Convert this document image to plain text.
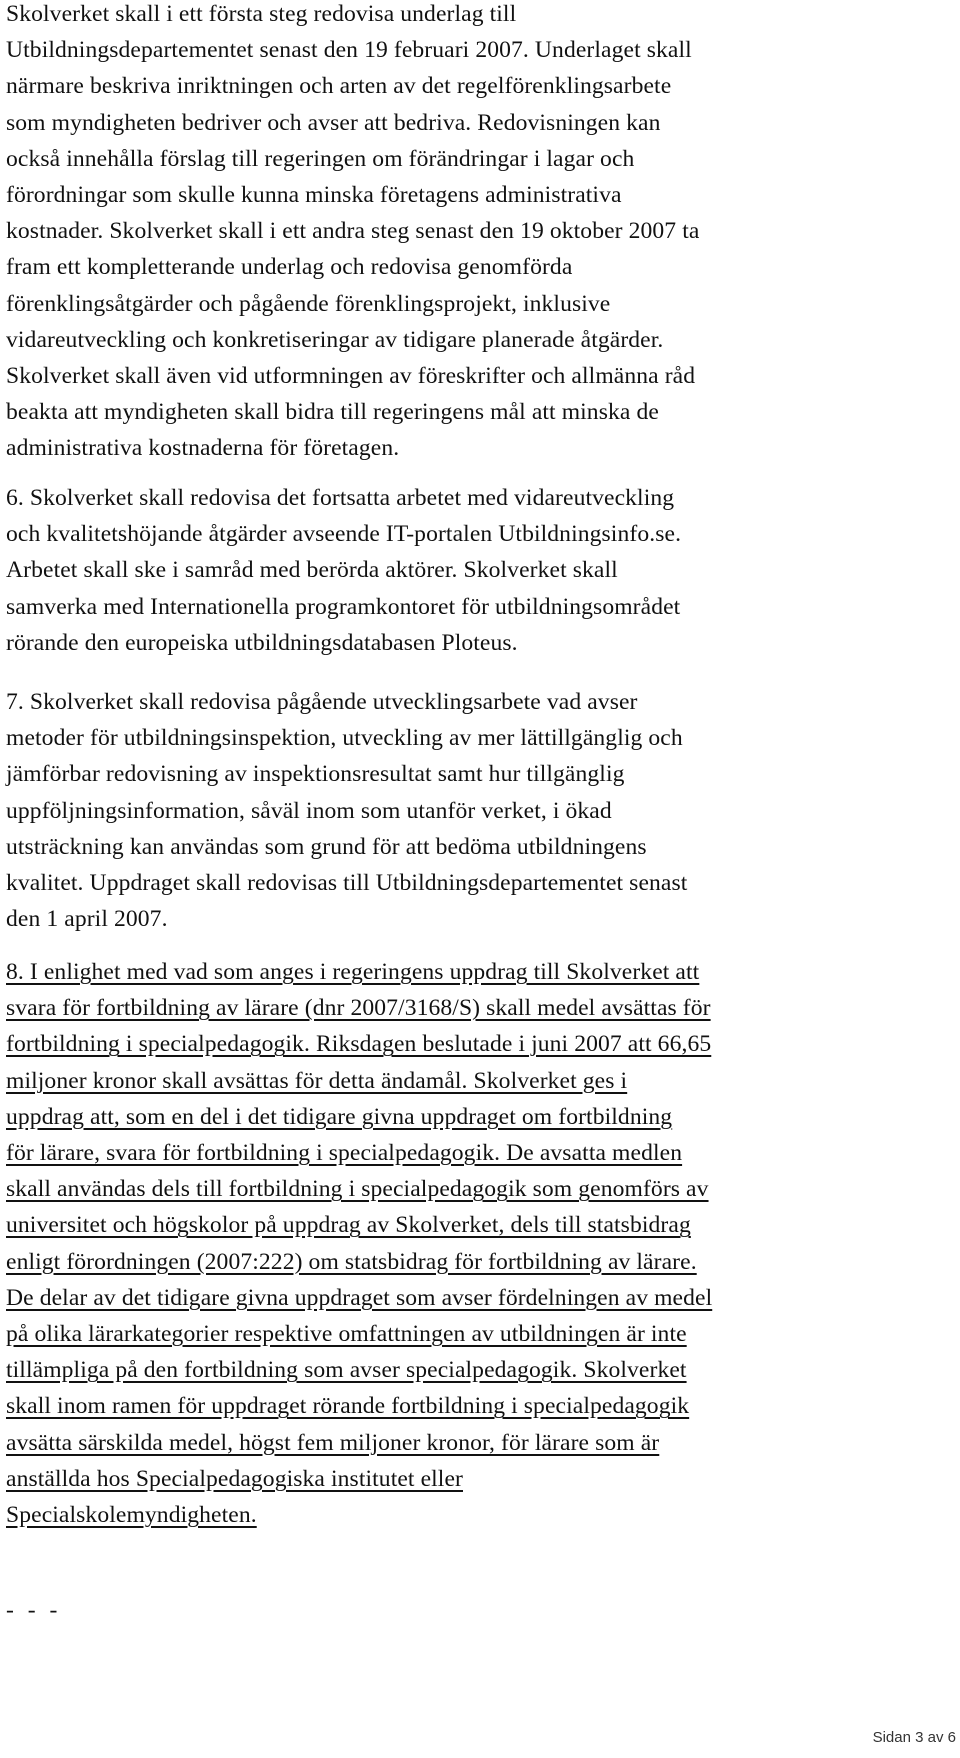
Skolverket skall i ett första steg redovisa underlag till
Utbildningsdepartementet senast den 19 februari 2007. Underlaget skall
närmare beskriva inriktningen och arten av det regelförenklingsarbete
som myndigheten bedriver och avser att bedriva. Redovisningen kan
också innehålla förslag till regeringen om förändringar i lagar och
förordningar som skulle kunna minska företagens administrativa
kostnader. Skolverket skall i ett andra steg senast den 19 oktober 2007 ta
fram ett kompletterande underlag och redovisa genomförda
förenklingsåtgärder och pågående förenklingsprojekt, inklusive
vidareutveckling och konkretiseringar av tidigare planerade åtgärder.
Skolverket skall även vid utformningen av föreskrifter och allmänna råd
beakta att myndigheten skall bidra till regeringens mål att minska de
administrativa kostnaderna för företagen.

6. Skolverket skall redovisa det fortsatta arbetet med vidareutveckling
och kvalitetshöjande åtgärder avseende IT-portalen Utbildningsinfo.se.
Arbetet skall ske i samråd med berörda aktörer. Skolverket skall
samverka med Internationella programkontoret för utbildningsområdet
rörande den europeiska utbildningsdatabasen Ploteus.

7. Skolverket skall redovisa pågående utvecklingsarbete vad avser
metoder för utbildningsinspektion, utveckling av mer lättillgänglig och
jämförbar redovisning av inspektionsresultat samt hur tillgänglig
uppföljningsinformation, såväl inom som utanför verket, i ökad
utsträckning kan användas som grund för att bedöma utbildningens
kvalitet. Uppdraget skall redovisas till Utbildningsdepartementet senast
den 1 april 2007.

8. I enlighet med vad som anges i regeringens uppdrag till Skolverket att
svara för fortbildning av lärare (dnr 2007/3168/S) skall medel avsättas för
fortbildning i specialpedagogik. Riksdagen beslutade i juni 2007 att 66,65
miljoner kronor skall avsättas för detta ändamål. Skolverket ges i
uppdrag att, som en del i det tidigare givna uppdraget om fortbildning
för lärare, svara för fortbildning i specialpedagogik. De avsatta medlen
skall användas dels till fortbildning i specialpedagogik som genomförs av
universitet och högskolor på uppdrag av Skolverket, dels till statsbidrag
enligt förordningen (2007:222) om statsbidrag för fortbildning av lärare.
De delar av det tidigare givna uppdraget som avser fördelningen av medel
på olika lärarkategorier respektive omfattningen av utbildningen är inte
tillämpliga på den fortbildning som avser specialpedagogik. Skolverket
skall inom ramen för uppdraget rörande fortbildning i specialpedagogik
avsätta särskilda medel, högst fem miljoner kronor, för lärare som är
anställda hos Specialpedagogiska institutet eller
Specialskolemyndigheten.

- - -
Sidan 3 av 6
